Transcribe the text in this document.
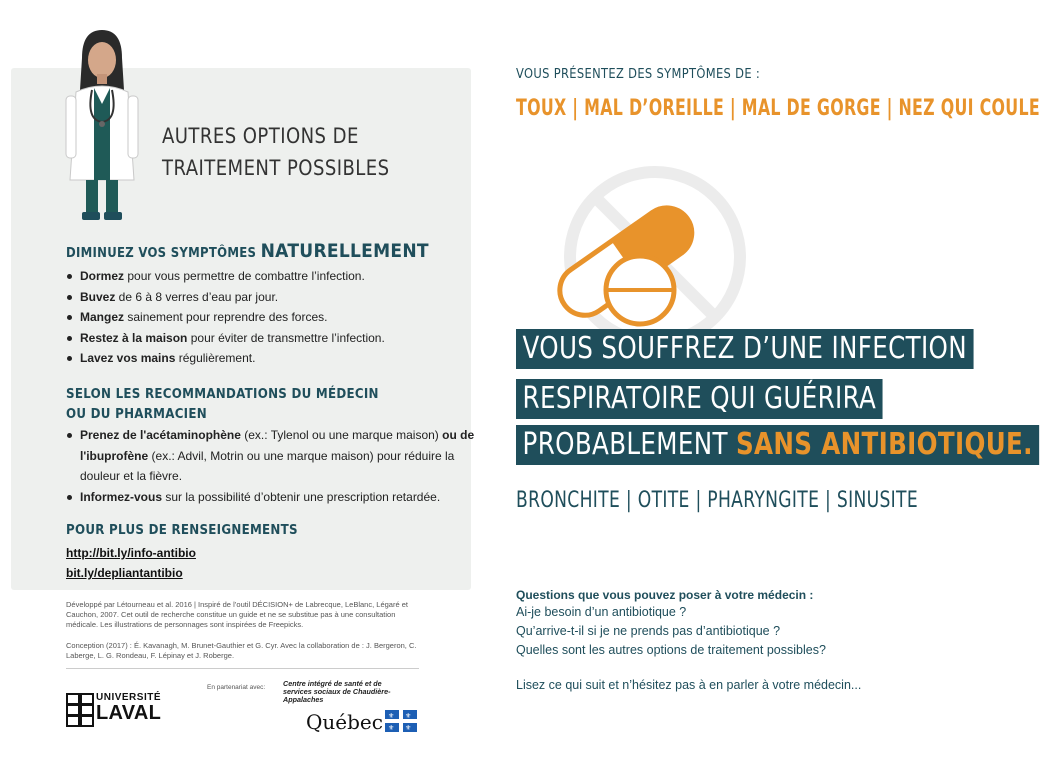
AUTRES OPTIONS DE
TRAITEMENT POSSIBLES
DIMINUEZ VOS SYMPTÔMES NATURELLEMENT
Dormez pour vous permettre de combattre l’infection.
Buvez de 6 à 8 verres d’eau par jour.
Mangez sainement pour reprendre des forces.
Restez à la maison pour éviter de transmettre l’infection.
Lavez vos mains régulièrement.
SELON LES RECOMMANDATIONS DU MÉDECIN
OU DU PHARMACIEN
Prenez de l'acétaminophène (ex.: Tylenol ou une marque maison) ou de l'ibuprofène (ex.: Advil, Motrin ou une marque maison) pour réduire la douleur et la fièvre.
Informez-vous sur la possibilité d’obtenir une prescription retardée.
POUR PLUS DE RENSEIGNEMENTS
http://bit.ly/info-antibio
bit.ly/depliantantibio
Développé par Létourneau et al. 2016 | Inspiré de l’outil DÉCISION+ de Labrecque, LeBlanc, Légaré et Cauchon, 2007. Cet outil de recherche constitue un guide et ne se substitue pas à une consultation médicale. Les illustrations de personnages sont inspirées de Freepicks.
Conception (2017) : É. Kavanagh, M. Brunet-Gauthier et G. Cyr. Avec la collaboration de : J. Bergeron, C. Laberge, L. G. Rondeau, F. Lépinay et J. Roberge.
UNIVERSITÉ
LAVAL
En partenariat avec: Centre intégré de santé et de services sociaux de Chaudière-Appalaches
Québec ⚜ ⚜
⚜ ⚜
VOUS PRÉSENTEZ DES SYMPTÔMES DE :
TOUX | MAL D’OREILLE | MAL DE GORGE | NEZ QUI COULE
VOUS SOUFFREZ D’UNE INFECTION
RESPIRATOIRE QUI GUÉRIRA
PROBABLEMENT SANS ANTIBIOTIQUE.
BRONCHITE | OTITE | PHARYNGITE | SINUSITE
Questions que vous pouvez poser à votre médecin :
Ai-je besoin d’un antibiotique ?
Qu’arrive-t-il si je ne prends pas d’antibiotique ?
Quelles sont les autres options de traitement possibles?
Lisez ce qui suit et n’hésitez pas à en parler à votre médecin...
